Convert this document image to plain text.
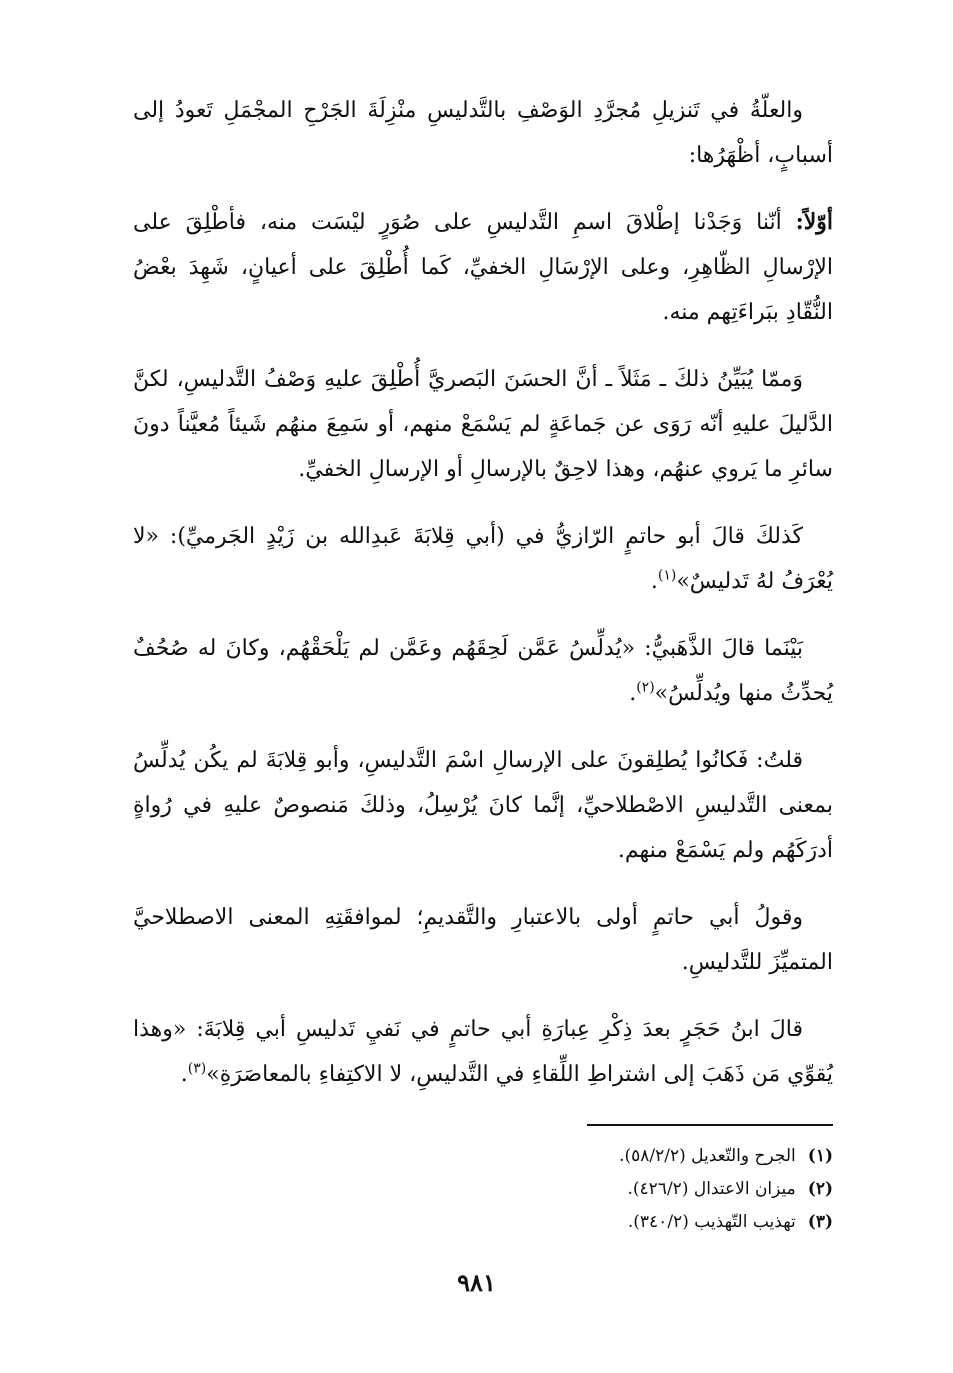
والعلّةُ في تَنزيلِ مُجرَّدِ الوَصْفِ بالتَّدليسِ منْزِلَةَ الجَرْحِ المجْمَلِ تَعودُ إلى أسبابٍ، أظْهَرُها:

أوّلاً: أنّنا وَجَدْنا إطْلاقَ اسمِ التَّدليسِ على صُوَرٍ ليْسَت منه، فأطْلِقَ على الإرْسالِ الظّاهِرِ، وعلى الإرْسَالِ الخفيِّ، كَما أُطْلِقَ على أعيانٍ، شَهِدَ بعْضُ النُّقّادِ ببَراءَتِهم منه.

وَممّا يُبَيِّنُ ذلكَ ـ مَثَلاً ـ أنَّ الحسَنَ البَصريَّ أُطْلِقَ عليهِ وَصْفُ التَّدليسِ، لكنَّ الدَّليلَ عليهِ أنّه رَوَى عن جَماعَةٍ لم يَسْمَعْ منهم، أو سَمِعَ منهُم شَيئاً مُعيَّناً دونَ سائرِ ما يَروي عنهُم، وهذا لاحِقٌ بالإرسالِ أو الإرسالِ الخفيِّ.

كَذلكَ قالَ أبو حاتمٍ الرّازيُّ في (أبي قِلابَةَ عَبدِالله بن زَيْدٍ الجَرميِّ): «لا يُعْرَفُ لهُ تَدليسٌ»$^{(١)}$.

بَيْنَما قالَ الذَّهَبيُّ: «يُدلِّسُ عَمَّن لَحِقَهُم وعَمَّن لم يَلْحَقْهُم، وكانَ له صُحُفٌ يُحدِّثُ منها ويُدلِّسُ»$^{(٢)}$.

قلتُ: فَكانُوا يُطلِقونَ على الإرسالِ اسْمَ التَّدليسِ، وأبو قِلابَةَ لم يكُن يُدلِّسُ بمعنى التَّدليسِ الاصْطلاحيِّ، إنَّما كانَ يُرْسِلُ، وذلكَ مَنصوصٌ عليهِ في رُواةٍ أدرَكَهُم ولم يَسْمَعْ منهم.

وقولُ أبي حاتمٍ أولى بالاعتبارِ والتَّقديمِ؛ لموافقَتِهِ المعنى الاصطلاحيَّ المتميِّزَ للتَّدليسِ.

قالَ ابنُ حَجَرٍ بعدَ ذِكْرِ عِبارَةِ أبي حاتمٍ في نَفيِ تَدليسِ أبي قِلابَةَ: «وهذا يُقوِّي مَن ذَهَبَ إلى اشتراطِ اللِّقاءِ في التَّدليسِ، لا الاكتِفاءِ بالمعاصَرَةِ»$^{(٣)}$.

(١)
الجرح والتّعديل (٥٨/٢/٢).
(٢)
ميزان الاعتدال (٤٢٦/٢).
(٣)
تهذيب التّهذيب (٣٤٠/٢).
٩٨١
